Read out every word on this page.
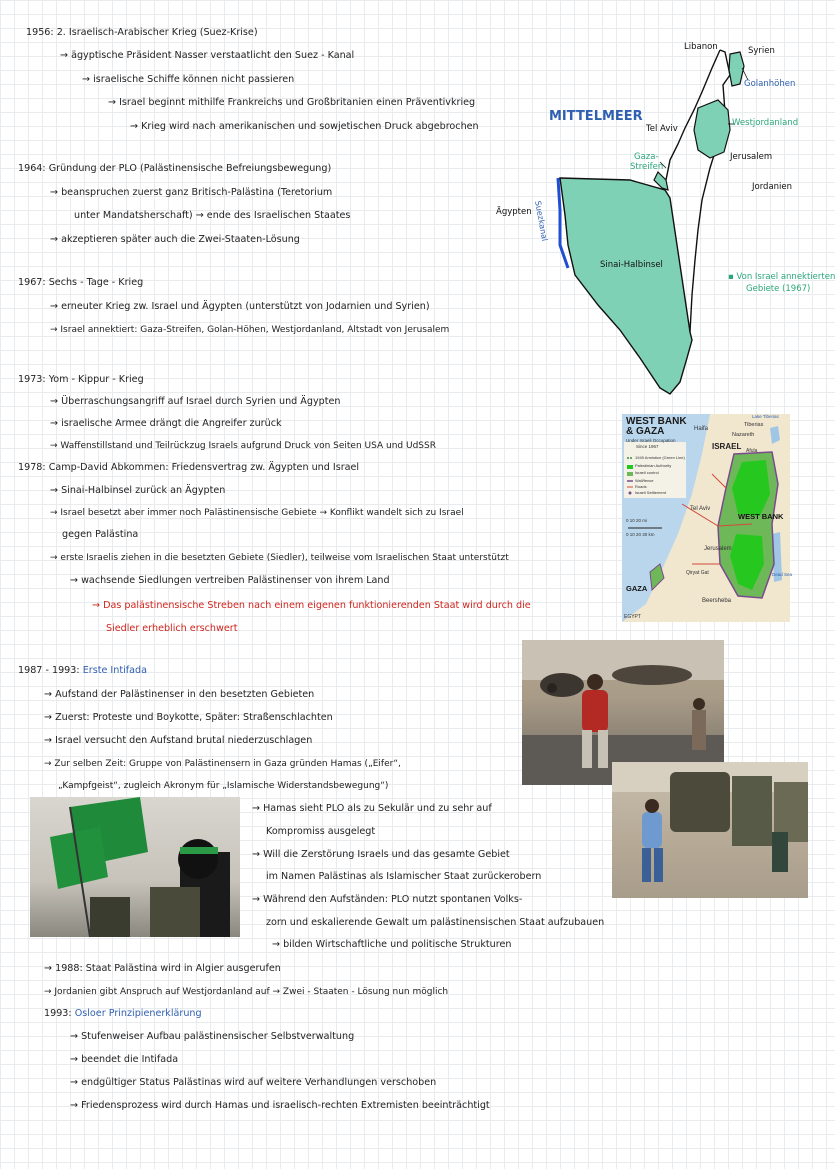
1956: 2. Israelisch-Arabischer Krieg (Suez-Krise)
→ ägyptische Präsident Nasser verstaatlicht den Suez - Kanal
→ israelische Schiffe können nicht passieren
→ Israel beginnt mithilfe Frankreichs und Großbritanien einen Präventivkrieg
→ Krieg wird nach amerikanischen und sowjetischen Druck abgebrochen
1964: Gründung der PLO (Palästinensische Befreiungsbewegung)
→ beanspruchen zuerst ganz Britisch-Palästina (Teretorium
unter Mandatsherschaft) → ende des Israelischen Staates
→ akzeptieren später auch die Zwei-Staaten-Lösung
1967: Sechs - Tage - Krieg
→ erneuter Krieg zw. Israel und Ägypten (unterstützt von Jodarnien und Syrien)
→ Israel annektiert: Gaza-Streifen, Golan-Höhen, Westjordanland, Altstadt von Jerusalem
1973: Yom - Kippur - Krieg
→ Überraschungsangriff auf Israel durch Syrien und Ägypten
→ israelische Armee drängt die Angreifer zurück
→ Waffenstillstand und Teilrückzug Israels aufgrund Druck von Seiten USA und UdSSR
1978: Camp-David Abkommen: Friedensvertrag zw. Ägypten und Israel
→ Sinai-Halbinsel zurück an Ägypten
→ Israel besetzt aber immer noch Palästinensische Gebiete → Konflikt wandelt sich zu Israel
gegen Palästina
→ erste Israelis ziehen in die besetzten Gebiete (Siedler), teilweise vom Israelischen Staat unterstützt
→ wachsende Siedlungen vertreiben Palästinenser von ihrem Land
→ Das palästinensische Streben nach einem eigenen funktionierenden Staat wird durch die
Siedler erheblich erschwert
1987 - 1993: Erste Intifada
→ Aufstand der Palästinenser in den besetzten Gebieten
→ Zuerst: Proteste und Boykotte, Später: Straßenschlachten
→ Israel versucht den Aufstand brutal niederzuschlagen
→ Zur selben Zeit: Gruppe von Palästinensern in Gaza gründen Hamas („Eifer“,
„Kampfgeist“, zugleich Akronym für „Islamische Widerstandsbewegung“)
→ Hamas sieht PLO als zu Sekulär und zu sehr auf
Kompromiss ausgelegt
→ Will die Zerstörung Israels und das gesamte Gebiet
im Namen Palästinas als Islamischer Staat zurückerobern
→ Während den Aufständen: PLO nutzt spontanen Volks-
zorn und eskalierende Gewalt um palästinensischen Staat aufzubauen
→ bilden Wirtschaftliche und politische Strukturen
→ 1988: Staat Palästina wird in Algier ausgerufen
→ Jordanien gibt Anspruch auf Westjordanland auf → Zwei - Staaten - Lösung nun möglich
1993: Osloer Prinzipienerklärung
→ Stufenweiser Aufbau palästinensischer Selbstverwaltung
→ beendet die Intifada
→ endgültiger Status Palästinas wird auf weitere Verhandlungen verschoben
→ Friedensprozess wird durch Hamas und israelisch-rechten Extremisten beeinträchtigt
Libanon	Syrien
Golanhöhen
MITTELMEER
Tel Aviv
Westjordanland
Gaza-
Streifen
Jerusalem
Jordanien
Ägypten Suezkanal
Sinai-Halbinsel
▪ Von Israel annektierten
Gebiete (1967)
WEST BANK
& GAZA
Under Israeli Occupation
Since 1967
1949 Armistice (Green Line)
Palestinian Authority
Israeli control
Wall/fence
Roads
Israeli Settlement
Lake Tiberias
Haifa
Tiberias
Nazareth
ISRAEL Afula
Tel Aviv
WEST BANK
Jerusalem
Qiryat Gat	Dead Sea
GAZA
Beersheba
EGYPT
0 10 20 mi
0 10 20 30 km
